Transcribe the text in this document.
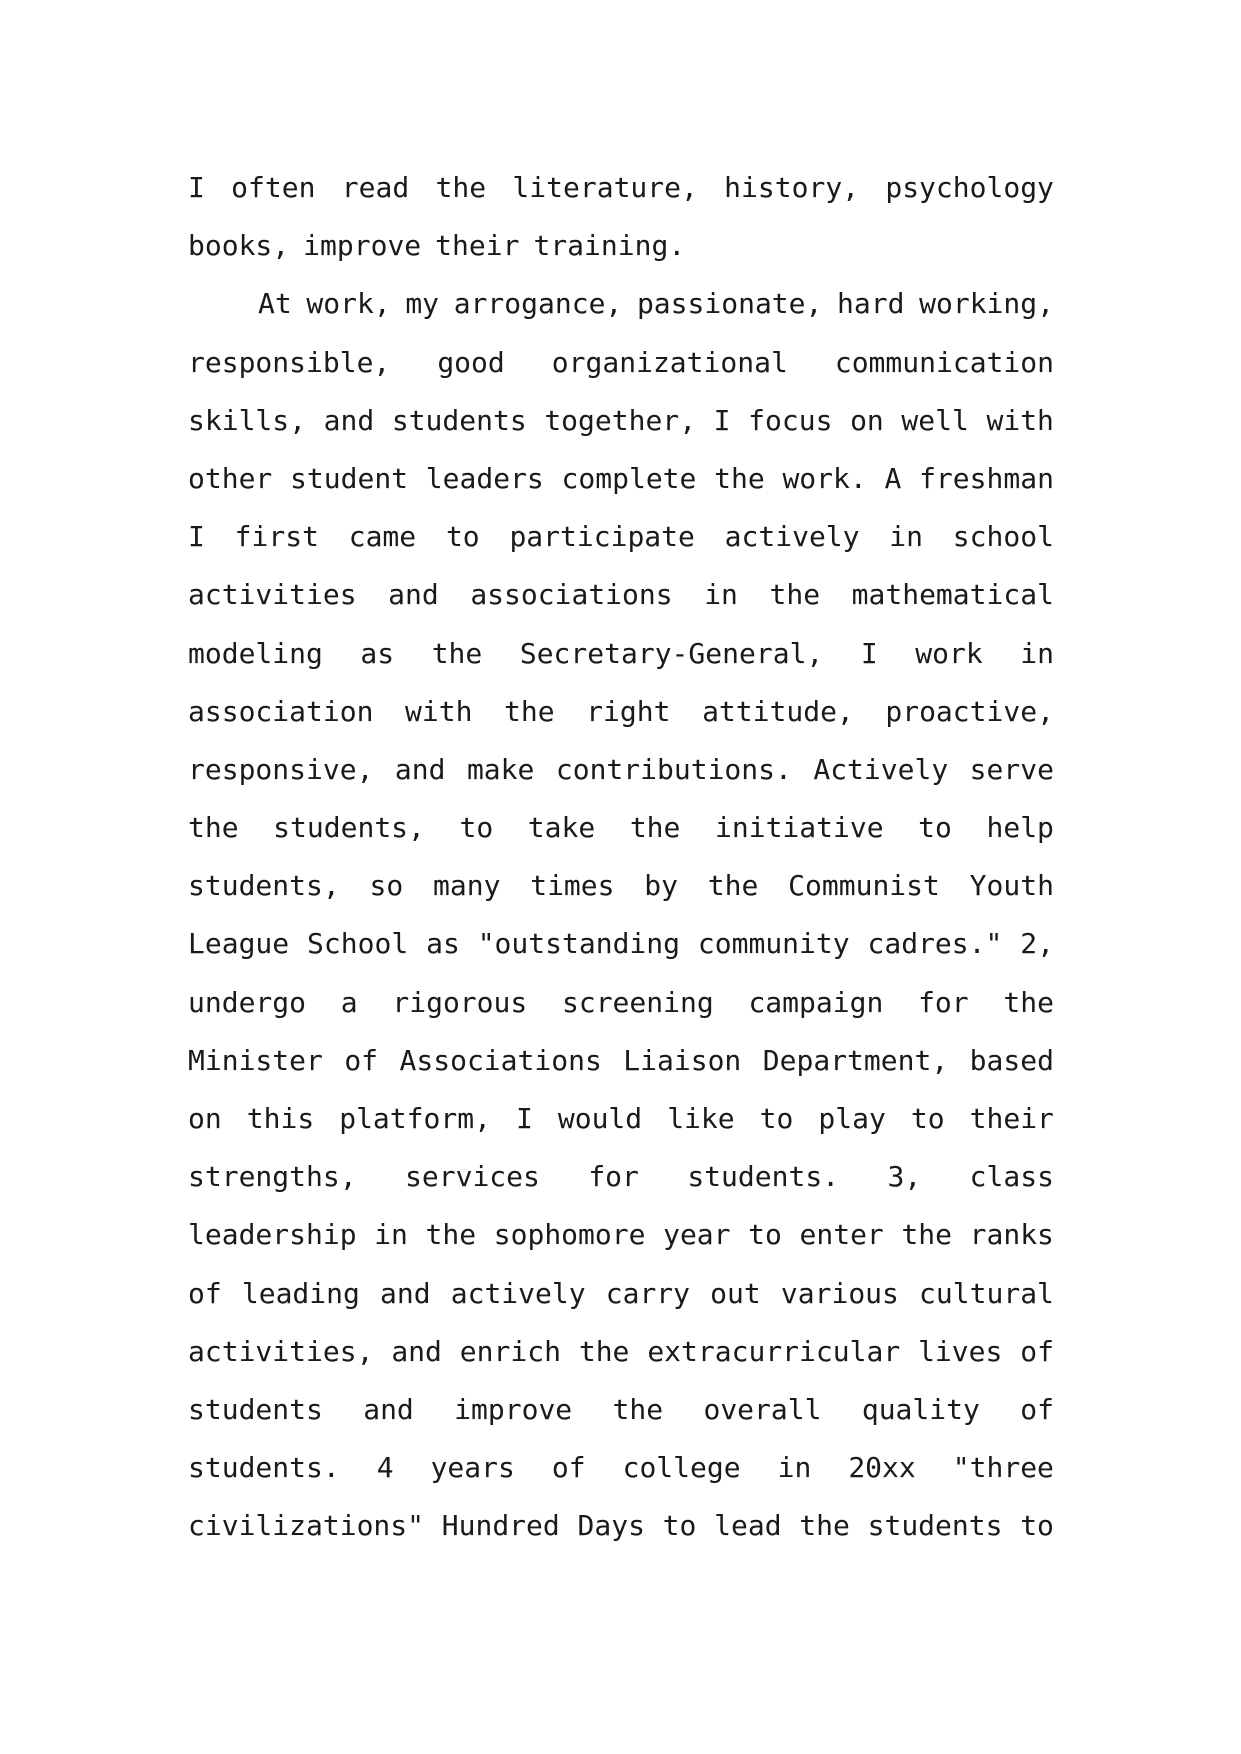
I often read the literature, history, psychology
books, improve their training.
At work, my arrogance, passionate, hard working,
responsible, good organizational communication
skills, and students together, I focus on well with
other student leaders complete the work. A freshman
I first came to participate actively in school
activities and associations in the mathematical
modeling as the Secretary-General, I work in
association with the right attitude, proactive,
responsive, and make contributions. Actively serve
the students, to take the initiative to help
students, so many times by the Communist Youth
League School as "outstanding community cadres." 2,
undergo a rigorous screening campaign for the
Minister of Associations Liaison Department, based
on this platform, I would like to play to their
strengths, services for students. 3, class
leadership in the sophomore year to enter the ranks
of leading and actively carry out various cultural
activities, and enrich the extracurricular lives of
students and improve the overall quality of
students. 4 years of college in 20xx "three
civilizations" Hundred Days to lead the students to
